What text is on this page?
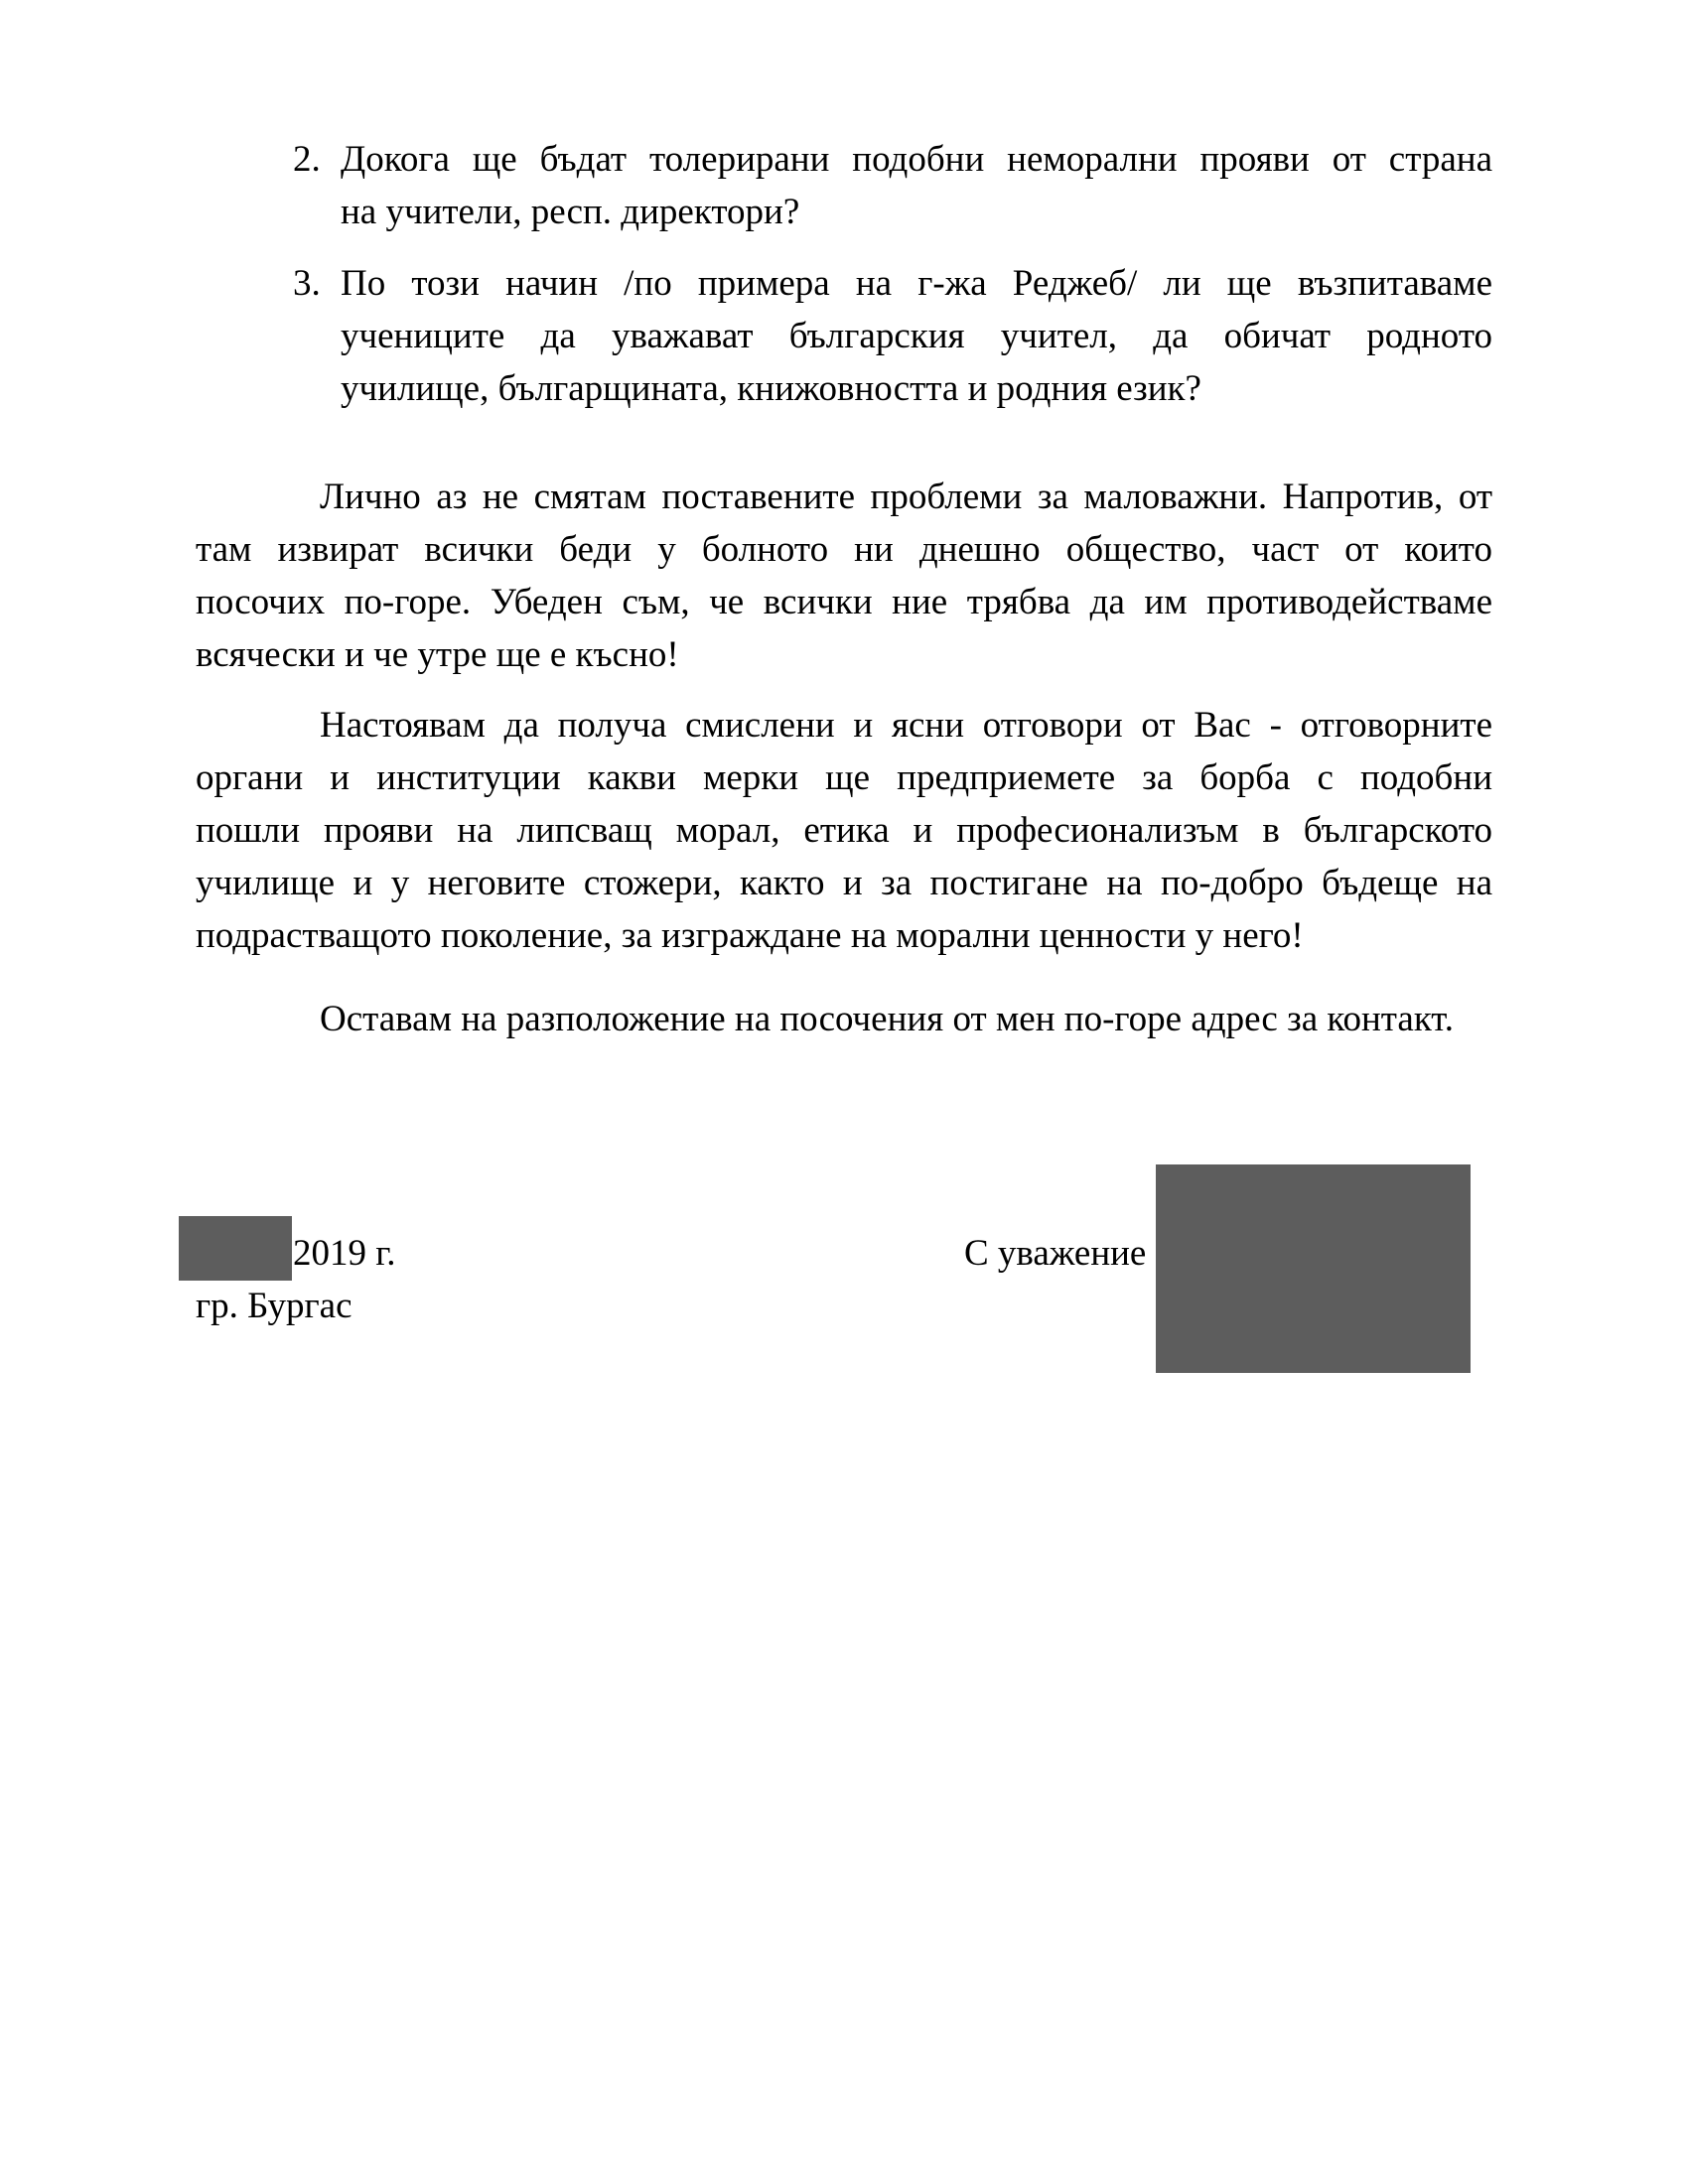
2. Докога ще бъдат толерирани подобни неморални прояви от страна
на учители, респ. директори?
3. По този начин /по примера на г-жа Реджеб/ ли ще възпитаваме
учениците да уважават българския учител, да обичат родното
училище, българщината, книжовността и родния език?
Лично аз не смятам поставените проблеми за маловажни. Напротив, от
там извират всички беди у болното ни днешно общество, част от които
посочих по-горе. Убеден съм, че всички ние трябва да им противодействаме
всячески и че утре ще е късно!
Настоявам да получа смислени и ясни отговори от Вас - отговорните
органи и институции какви мерки ще предприемете за борба с подобни
пошли прояви на липсващ морал, етика и професионализъм в българското
училище и у неговите стожери, както и за постигане на по-добро бъдеще на
подрастващото поколение, за изграждане на морални ценности у него!
Оставам на разположение на посочения от мен по-горе адрес за контакт.
2019 г.
гр. Бургас
С уважение
